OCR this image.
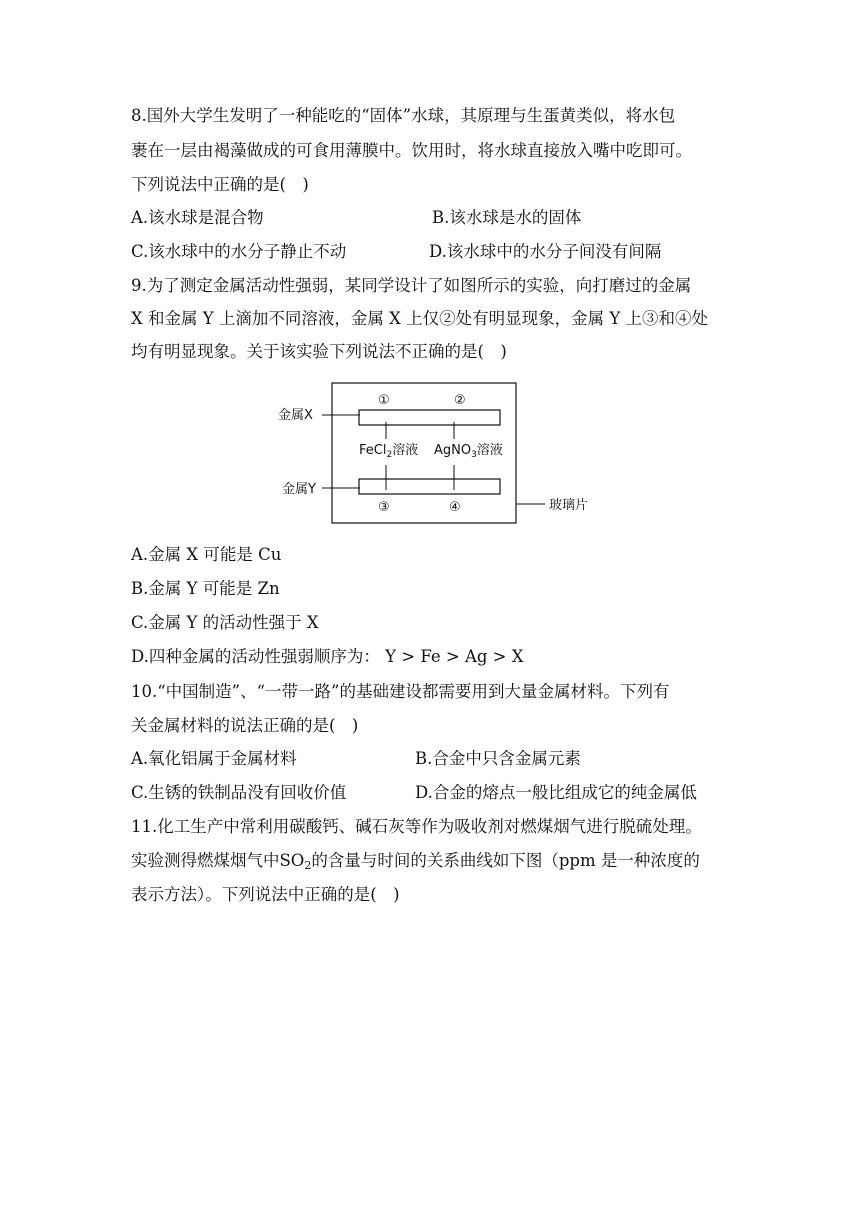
8.国外大学生发明了一种能吃的“固体”水球，其原理与生蛋黄类似，将水包
裹在一层由褐藻做成的可食用薄膜中。饮用时，将水球直接放入嘴中吃即可。
下列说法中正确的是(　)
A.该水球是混合物	B.该水球是水的固体
C.该水球中的水分子静止不动	D.该水球中的水分子间没有间隔
9.为了测定金属活动性强弱，某同学设计了如图所示的实验，向打磨过的金属
X 和金属 Y 上滴加不同溶液，金属 X 上仅②处有明显现象，金属 Y 上③和④处
均有明显现象。关于该实验下列说法不正确的是(　)
金属X
金属Y
玻璃片
①	②
③	④
FeCl$_2$溶液 AgNO$_3$溶液
A.金属 X 可能是 Cu
B.金属 Y 可能是 Zn
C.金属 Y 的活动性强于 X
D.四种金属的活动性强弱顺序为： Y > Fe > Ag > X
10.“中国制造”、“一带一路”的基础建设都需要用到大量金属材料。下列有
关金属材料的说法正确的是(　)
A.氧化铝属于金属材料	B.合金中只含金属元素
C.生锈的铁制品没有回收价值	D.合金的熔点一般比组成它的纯金属低
11.化工生产中常利用碳酸钙、碱石灰等作为吸收剂对燃煤烟气进行脱硫处理。
实验测得燃煤烟气中$SO_2$的含量与时间的关系曲线如下图（ppm 是一种浓度的
表示方法）。下列说法中正确的是(　)
